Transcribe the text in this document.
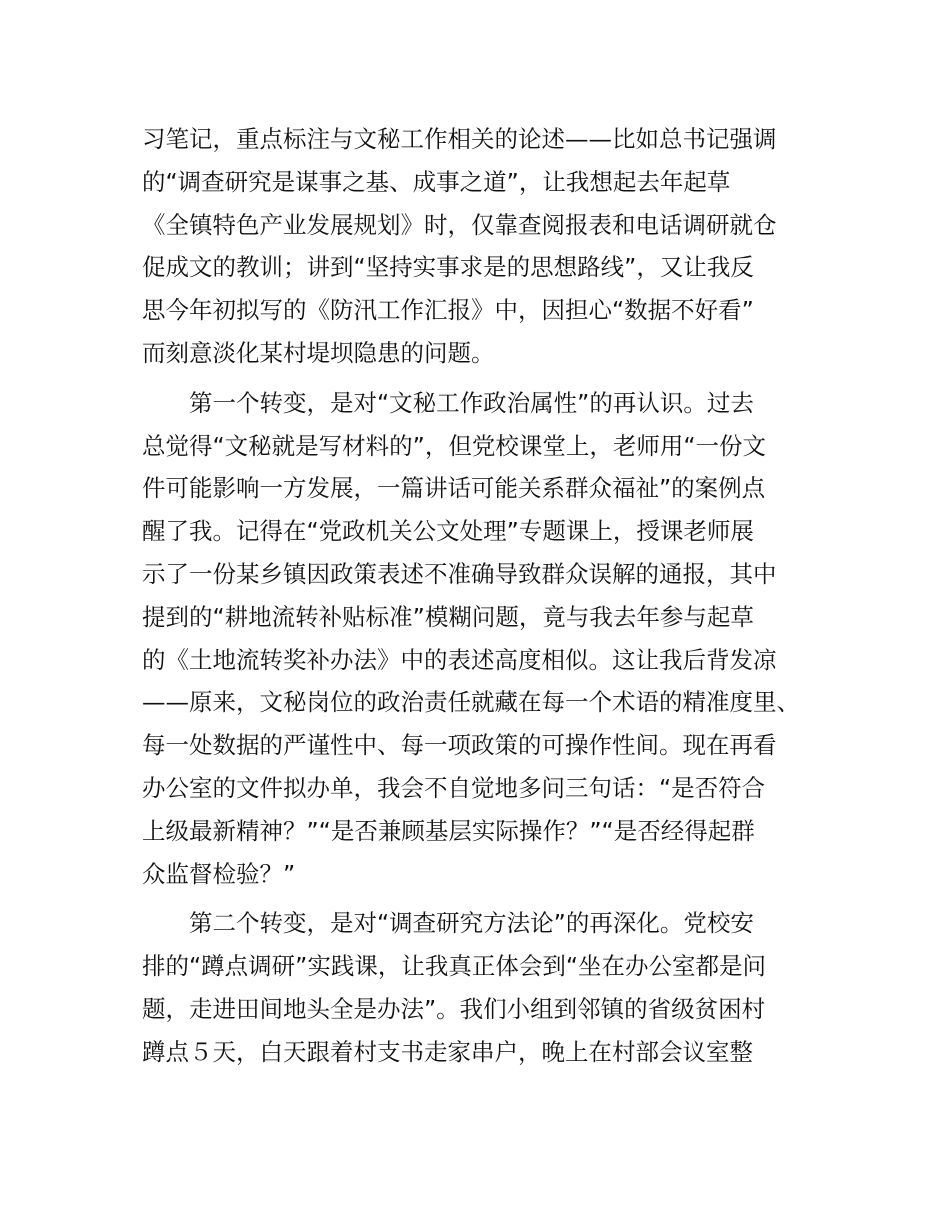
习笔记，重点标注与文秘工作相关的论述——比如总书记强调
的“调查研究是谋事之基、成事之道”，让我想起去年起草
《全镇特色产业发展规划》时，仅靠查阅报表和电话调研就仓
促成文的教训；讲到“坚持实事求是的思想路线”，又让我反
思今年初拟写的《防汛工作汇报》中，因担心“数据不好看”
而刻意淡化某村堤坝隐患的问题。

　　第一个转变，是对“文秘工作政治属性”的再认识。过去
总觉得“文秘就是写材料的”，但党校课堂上，老师用“一份文
件可能影响一方发展，一篇讲话可能关系群众福祉”的案例点
醒了我。记得在“党政机关公文处理”专题课上，授课老师展
示了一份某乡镇因政策表述不准确导致群众误解的通报，其中
提到的“耕地流转补贴标准”模糊问题，竟与我去年参与起草
的《土地流转奖补办法》中的表述高度相似。这让我后背发凉
——原来，文秘岗位的政治责任就藏在每一个术语的精准度里、
每一处数据的严谨性中、每一项政策的可操作性间。现在再看
办公室的文件拟办单，我会不自觉地多问三句话：“是否符合
上级最新精神？”“是否兼顾基层实际操作？”“是否经得起群
众监督检验？”

　　第二个转变，是对“调查研究方法论”的再深化。党校安
排的“蹲点调研”实践课，让我真正体会到“坐在办公室都是问
题，走进田间地头全是办法”。我们小组到邻镇的省级贫困村
蹲点５天，白天跟着村支书走家串户，晚上在村部会议室整
